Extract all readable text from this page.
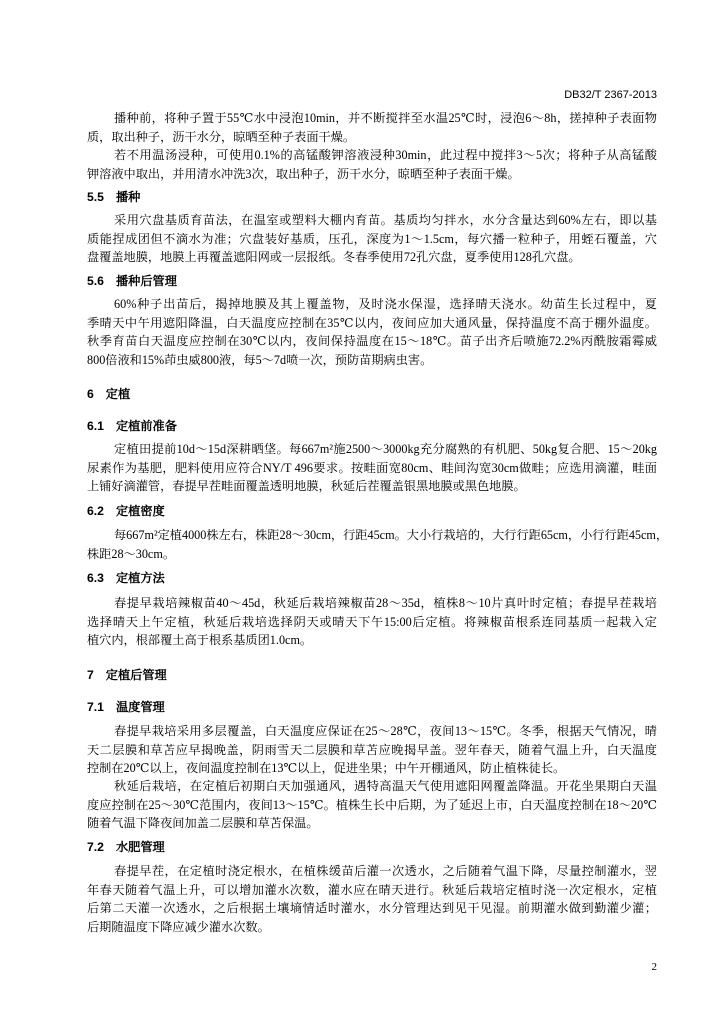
DB32/T 2367-2013
播种前，将种子置于55℃水中浸泡10min，并不断搅拌至水温25℃时，浸泡6～8h，搓掉种子表面物
质，取出种子，沥干水分，晾晒至种子表面干燥。
若不用温汤浸种，可使用0.1%的高锰酸钾溶液浸种30min，此过程中搅拌3～5次；将种子从高锰酸
钾溶液中取出，并用清水冲洗3次，取出种子，沥干水分，晾晒至种子表面干燥。
5.5 播种
采用穴盘基质育苗法，在温室或塑料大棚内育苗。基质均匀拌水，水分含量达到60%左右，即以基
质能捏成团但不滴水为准；穴盘装好基质，压孔，深度为1～1.5cm，每穴播一粒种子，用蛭石覆盖，穴
盘覆盖地膜，地膜上再覆盖遮阳网或一层报纸。冬春季使用72孔穴盘，夏季使用128孔穴盘。
5.6 播种后管理
60%种子出苗后，揭掉地膜及其上覆盖物，及时浇水保湿，选择晴天浇水。幼苗生长过程中，夏
季晴天中午用遮阳降温，白天温度应控制在35℃以内，夜间应加大通风量，保持温度不高于棚外温度。
秋季育苗白天温度应控制在30℃以内，夜间保持温度在15～18℃。苗子出齐后喷施72.2%丙酰胺霜霉威
800倍液和15%茚虫威800液，每5～7d喷一次，预防苗期病虫害。
6 定植
6.1 定植前准备
定植田提前10d～15d深耕晒垡。每667m²施2500～3000kg充分腐熟的有机肥、50kg复合肥、15～20kg
尿素作为基肥，肥料使用应符合NY/T 496要求。按畦面宽80cm、畦间沟宽30cm做畦；应选用滴灌，畦面
上铺好滴灌管，春提早茬畦面覆盖透明地膜，秋延后茬覆盖银黑地膜或黑色地膜。
6.2 定植密度
每667m²定植4000株左右，株距28～30cm，行距45cm。大小行栽培的，大行行距65cm，小行行距45cm，
株距28～30cm。
6.3 定植方法
春提早栽培辣椒苗40～45d，秋延后栽培辣椒苗28～35d，植株8～10片真叶时定植；春提早茬栽培
选择晴天上午定植，秋延后栽培选择阴天或晴天下午15:00后定植。将辣椒苗根系连同基质一起栽入定
植穴内，根部覆土高于根系基质团1.0cm。
7 定植后管理
7.1 温度管理
春提早栽培采用多层覆盖，白天温度应保证在25～28℃，夜间13～15℃。冬季，根据天气情况，晴
天二层膜和草苫应早揭晚盖，阴雨雪天二层膜和草苫应晚揭早盖。翌年春天，随着气温上升，白天温度
控制在20℃以上，夜间温度控制在13℃以上，促进坐果；中午开棚通风，防止植株徒长。
秋延后栽培，在定植后初期白天加强通风，遇特高温天气使用遮阳网覆盖降温。开花坐果期白天温
度应控制在25～30℃范围内，夜间13～15℃。植株生长中后期，为了延迟上市，白天温度控制在18～20℃
随着气温下降夜间加盖二层膜和草苫保温。
7.2 水肥管理
春提早茬，在定植时浇定根水，在植株缓苗后灌一次透水，之后随着气温下降，尽量控制灌水，翌
年春天随着气温上升，可以增加灌水次数，灌水应在晴天进行。秋延后栽培定植时浇一次定根水，定植
后第二天灌一次透水，之后根据土壤墒情适时灌水，水分管理达到见干见湿。前期灌水做到勤灌少灌；
后期随温度下降应减少灌水次数。
2
